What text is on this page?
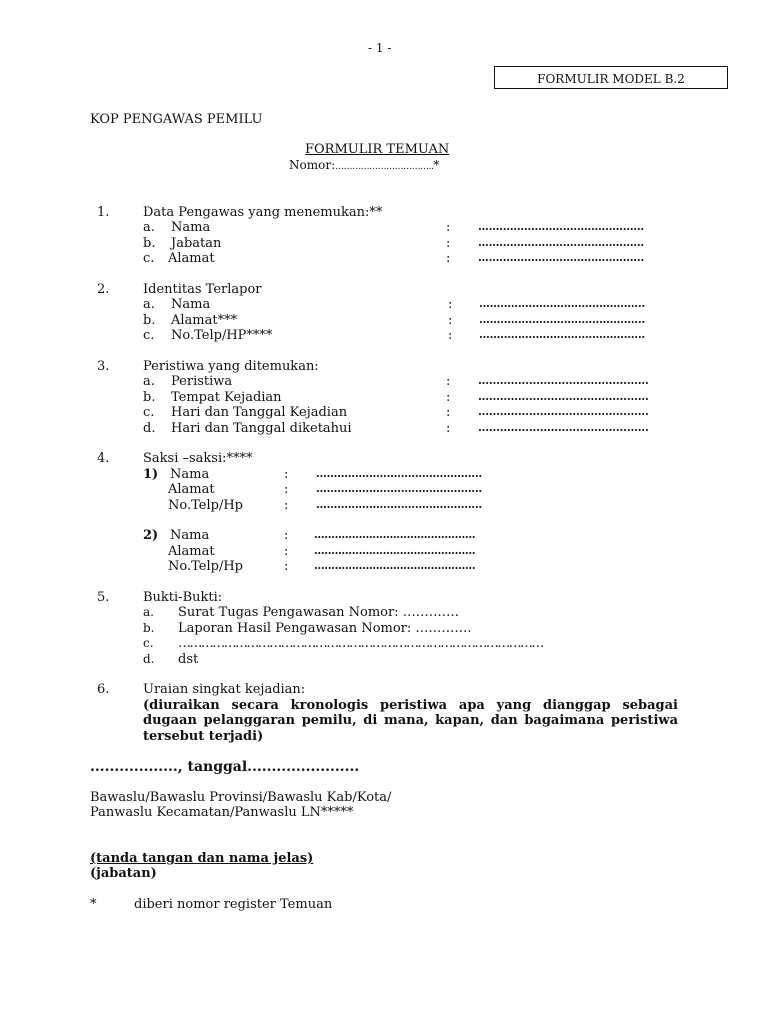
- 1 -
FORMULIR MODEL B.2
KOP PENGAWAS PEMILU
FORMULIR TEMUAN
Nomor:……………………………..*
1.	Data Pengawas yang menemukan:**
a. Nama	:	...............................................
b. Jabatan	:	...............................................
c. Alamat	:	...............................................
2.	Identitas Terlapor
a. Nama	: ...............................................
b. Alamat***	: ...............................................
c. No.Telp/HP****	: ...............................................
3.	Peristiwa yang ditemukan:
a. Peristiwa	:	...............................................
b. Tempat Kejadian	:	...............................................
c. Hari dan Tanggal Kejadian	:	...............................................
d. Hari dan Tanggal diketahui	:	...............................................
4.	Saksi –saksi:****
1) Nama	:	...............................................
Alamat	:	...............................................
No.Telp/Hp	:	...............................................
2) Nama	: ...............................................
Alamat	: ...............................................
No.Telp/Hp	: ...............................................
5.	Bukti-Bukti:
a. Surat Tugas Pengawasan Nomor: ………….
b. Laporan Hasil Pengawasan Nomor: ………….
c. ……………………………………………………………………………………
d. dst
6.	Uraian singkat kejadian:
(diuraikan secara kronologis peristiwa apa yang dianggap sebagai
dugaan pelanggaran pemilu, di mana, kapan, dan bagaimana peristiwa
tersebut terjadi)
.................., tanggal.......................
Bawaslu/Bawaslu Provinsi/Bawaslu Kab/Kota/
Panwaslu Kecamatan/Panwaslu LN*****
(tanda tangan dan nama jelas)
(jabatan)
*	diberi nomor register Temuan
